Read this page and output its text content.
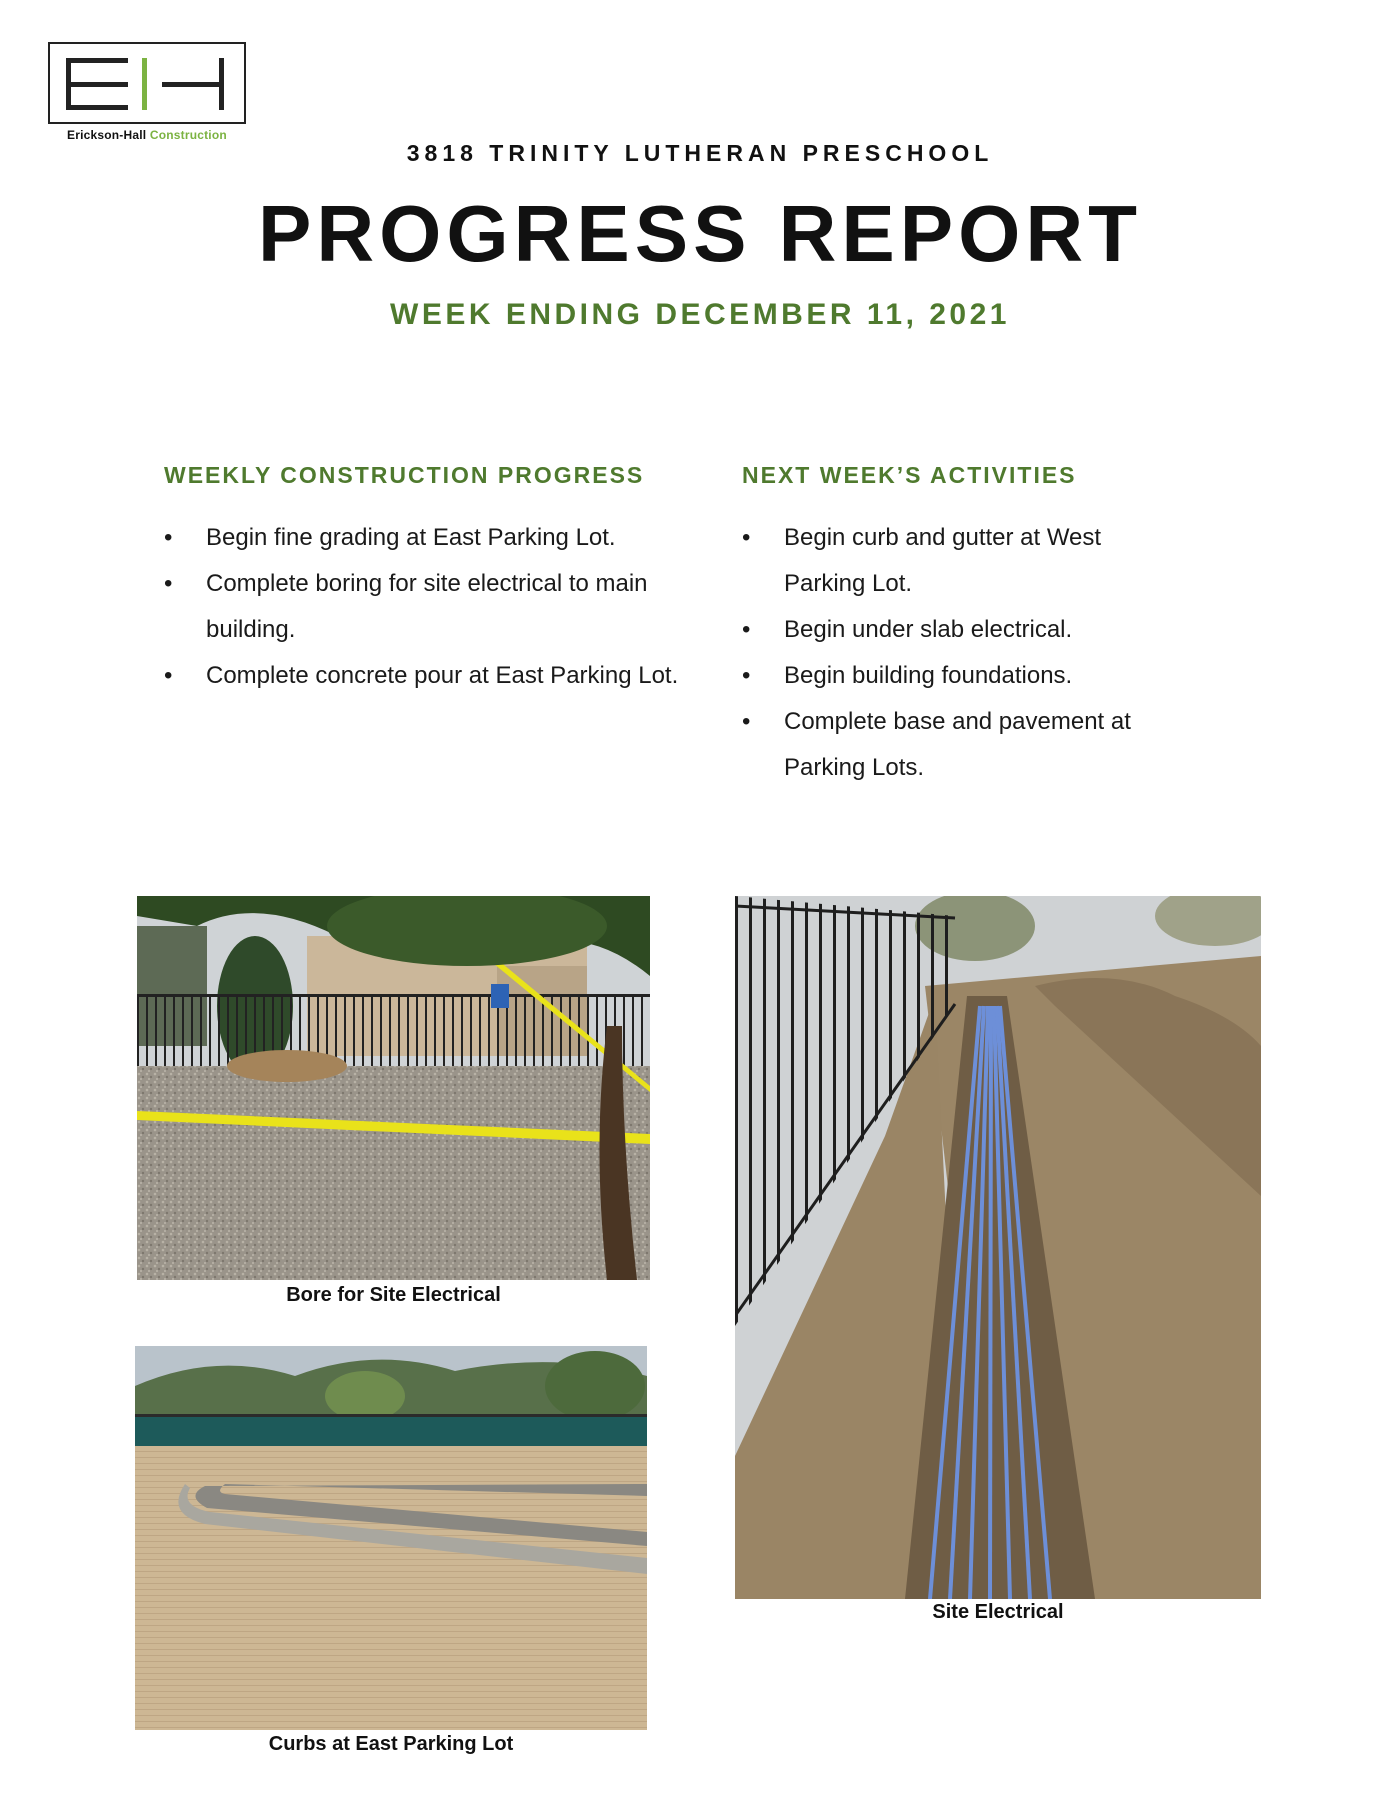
Erickson-Hall Construction
3818 TRINITY LUTHERAN PRESCHOOL
PROGRESS REPORT
WEEK ENDING DECEMBER 11, 2021
WEEKLY CONSTRUCTION PROGRESS
• Begin fine grading at East Parking Lot.
• Complete boring for site electrical to main building.
• Complete concrete pour at East Parking Lot.
NEXT WEEK’S ACTIVITIES
• Begin curb and gutter at West Parking Lot.
• Begin under slab electrical.
• Begin building foundations.
• Complete base and pavement at Parking Lots.
Bore for Site Electrical
Curbs at East Parking Lot
Site Electrical
